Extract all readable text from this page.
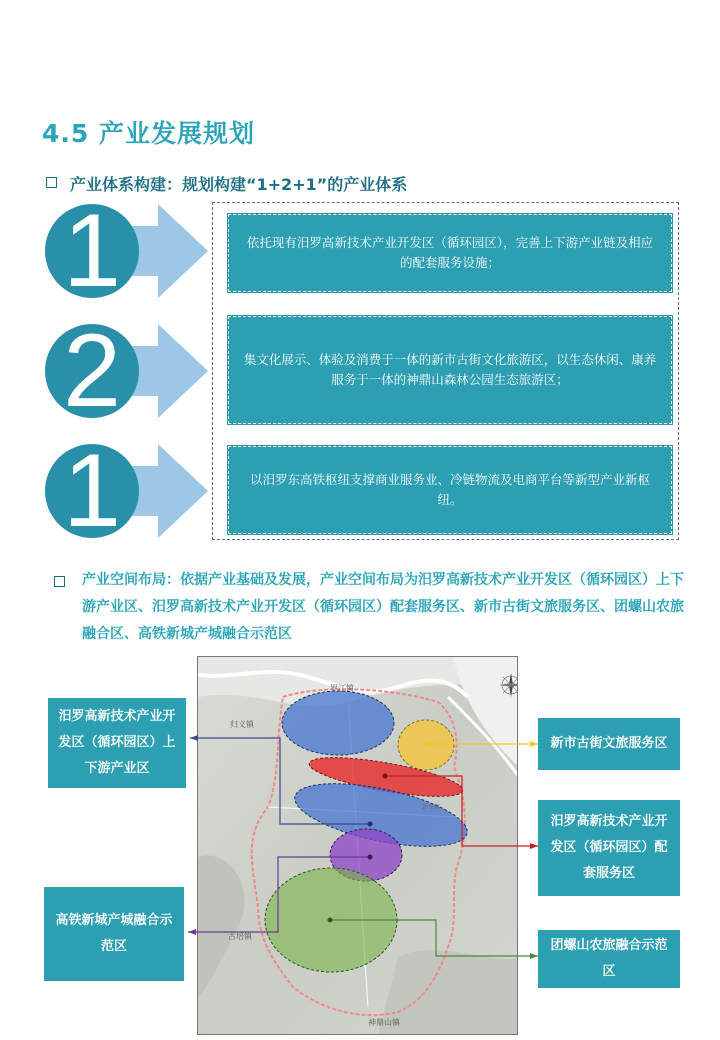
4.5 产业发展规划
产业体系构建：规划构建“1+2+1”的产业体系
1
2
1
依托现有汨罗高新技术产业开发区（循环园区），完善上下游产业链及相应的配套服务设施；
集文化展示、体验及消费于一体的新市古街文化旅游区，以生态休闲、康养服务于一体的神鼎山森林公园生态旅游区；
以汨罗东高铁枢纽支撑商业服务业、冷链物流及电商平台等新型产业新枢纽。
产业空间布局：依据产业基础及发展，产业空间布局为汨罗高新技术产业开发区（循环园区）上下游产业区、汨罗高新技术产业开发区（循环园区）配套服务区、新市古街文旅服务区、团螺山农旅融合区、高铁新城产城融合示范区
罗江镇
归义镇
古培镇
神鼎山镇
新市镇
汨罗高新技术产业开发区（循环园区）上下游产业区
新市古街文旅服务区
汨罗高新技术产业开发区（循环园区）配套服务区
高铁新城产城融合示范区	团螺山农旅融合示范区
